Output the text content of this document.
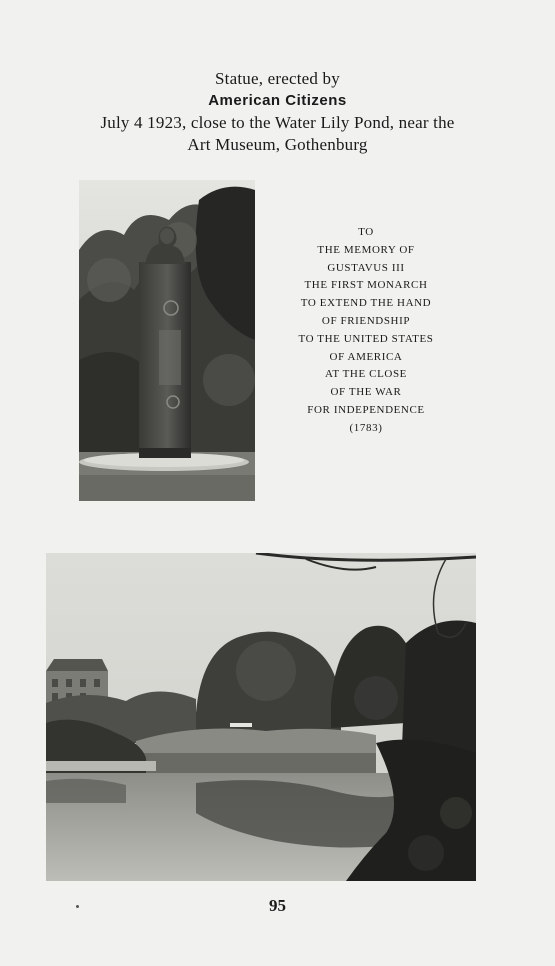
Statue, erected by
American Citizens
July 4 1923, close to the Water Lily Pond, near the
Art Museum, Gothenburg
TO
THE MEMORY OF
GUSTAVUS III
THE FIRST MONARCH
TO EXTEND THE HAND
OF FRIENDSHIP
TO THE UNITED STATES
OF AMERICA
AT THE CLOSE
OF THE WAR
FOR INDEPENDENCE
(1783)
95
